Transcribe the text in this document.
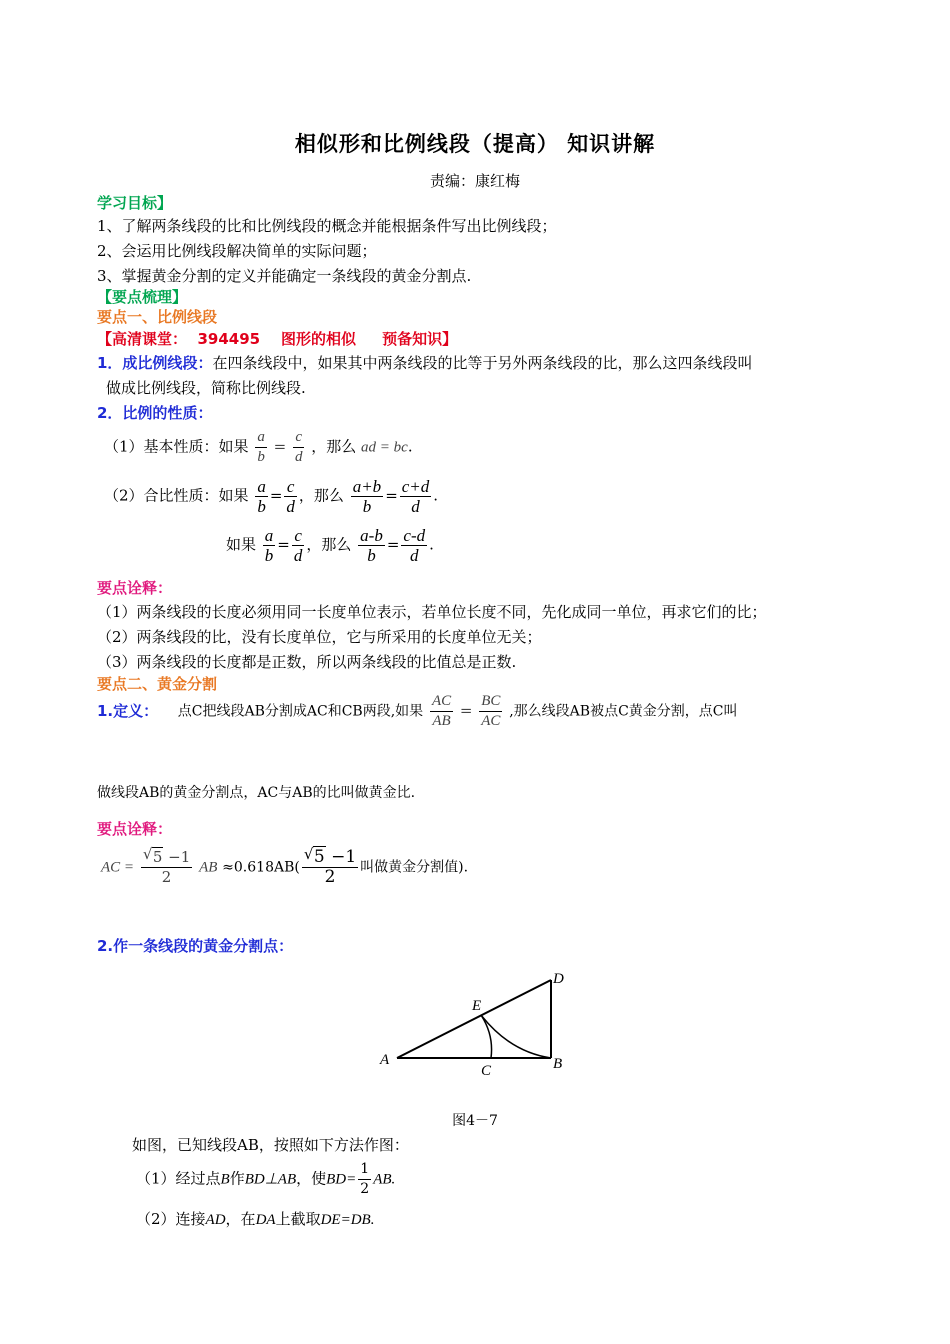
相似形和比例线段（提高） 知识讲解
责编：康红梅
学习目标】
1、了解两条线段的比和比例线段的概念并能根据条件写出比例线段；
2、会运用比例线段解决简单的实际问题；
3、掌握黄金分割的定义并能确定一条线段的黄金分割点.
【要点梳理】
要点一、比例线段
【高清课堂：  394495    图形的相似     预备知识】
1．成比例线段：在四条线段中，如果其中两条线段的比等于另外两条线段的比，那么这四条线段叫
做成比例线段，简称比例线段.
2．比例的性质：
（1）基本性质：如果 $\frac{a}{b} = \frac{c}{d}$ ，那么 ad = bc.
（2）合比性质：如果 $\frac{a}{b} = \frac{c}{d}$ ，那么 $\frac{a+b}{b} = \frac{c+d}{d}$ .
如果 $\frac{a}{b} = \frac{c}{d}$ ，那么 $\frac{a-b}{b} = \frac{c-d}{d}$ .
要点诠释：
（1）两条线段的长度必须用同一长度单位表示，若单位长度不同，先化成同一单位，再求它们的比；
（2）两条线段的比，没有长度单位，它与所采用的长度单位无关；
（3）两条线段的长度都是正数，所以两条线段的比值总是正数.
要点二、黄金分割
1.定义： 点C把线段AB分割成AC和CB两段,如果 $\frac{AC}{AB} = \frac{BC}{AC}$ ,那么线段AB被点C黄金分割，点C叫
做线段AB的黄金分割点，AC与AB的比叫做黄金比.
要点诠释：
AC = $\frac{√ 5 -1}{2}$ AB $\approx 0.618AB( \frac{√ 5 -1}{2}$ 叫做黄金分割值).
2.作一条线段的黄金分割点：
A	B
C
D
E
图4－7
如图，已知线段AB，按照如下方法作图：
（1）经过点B作BD⊥AB，使$BD= \frac{1}{2}$ AB.
（2）连接AD，在DA上截取DE=DB.
